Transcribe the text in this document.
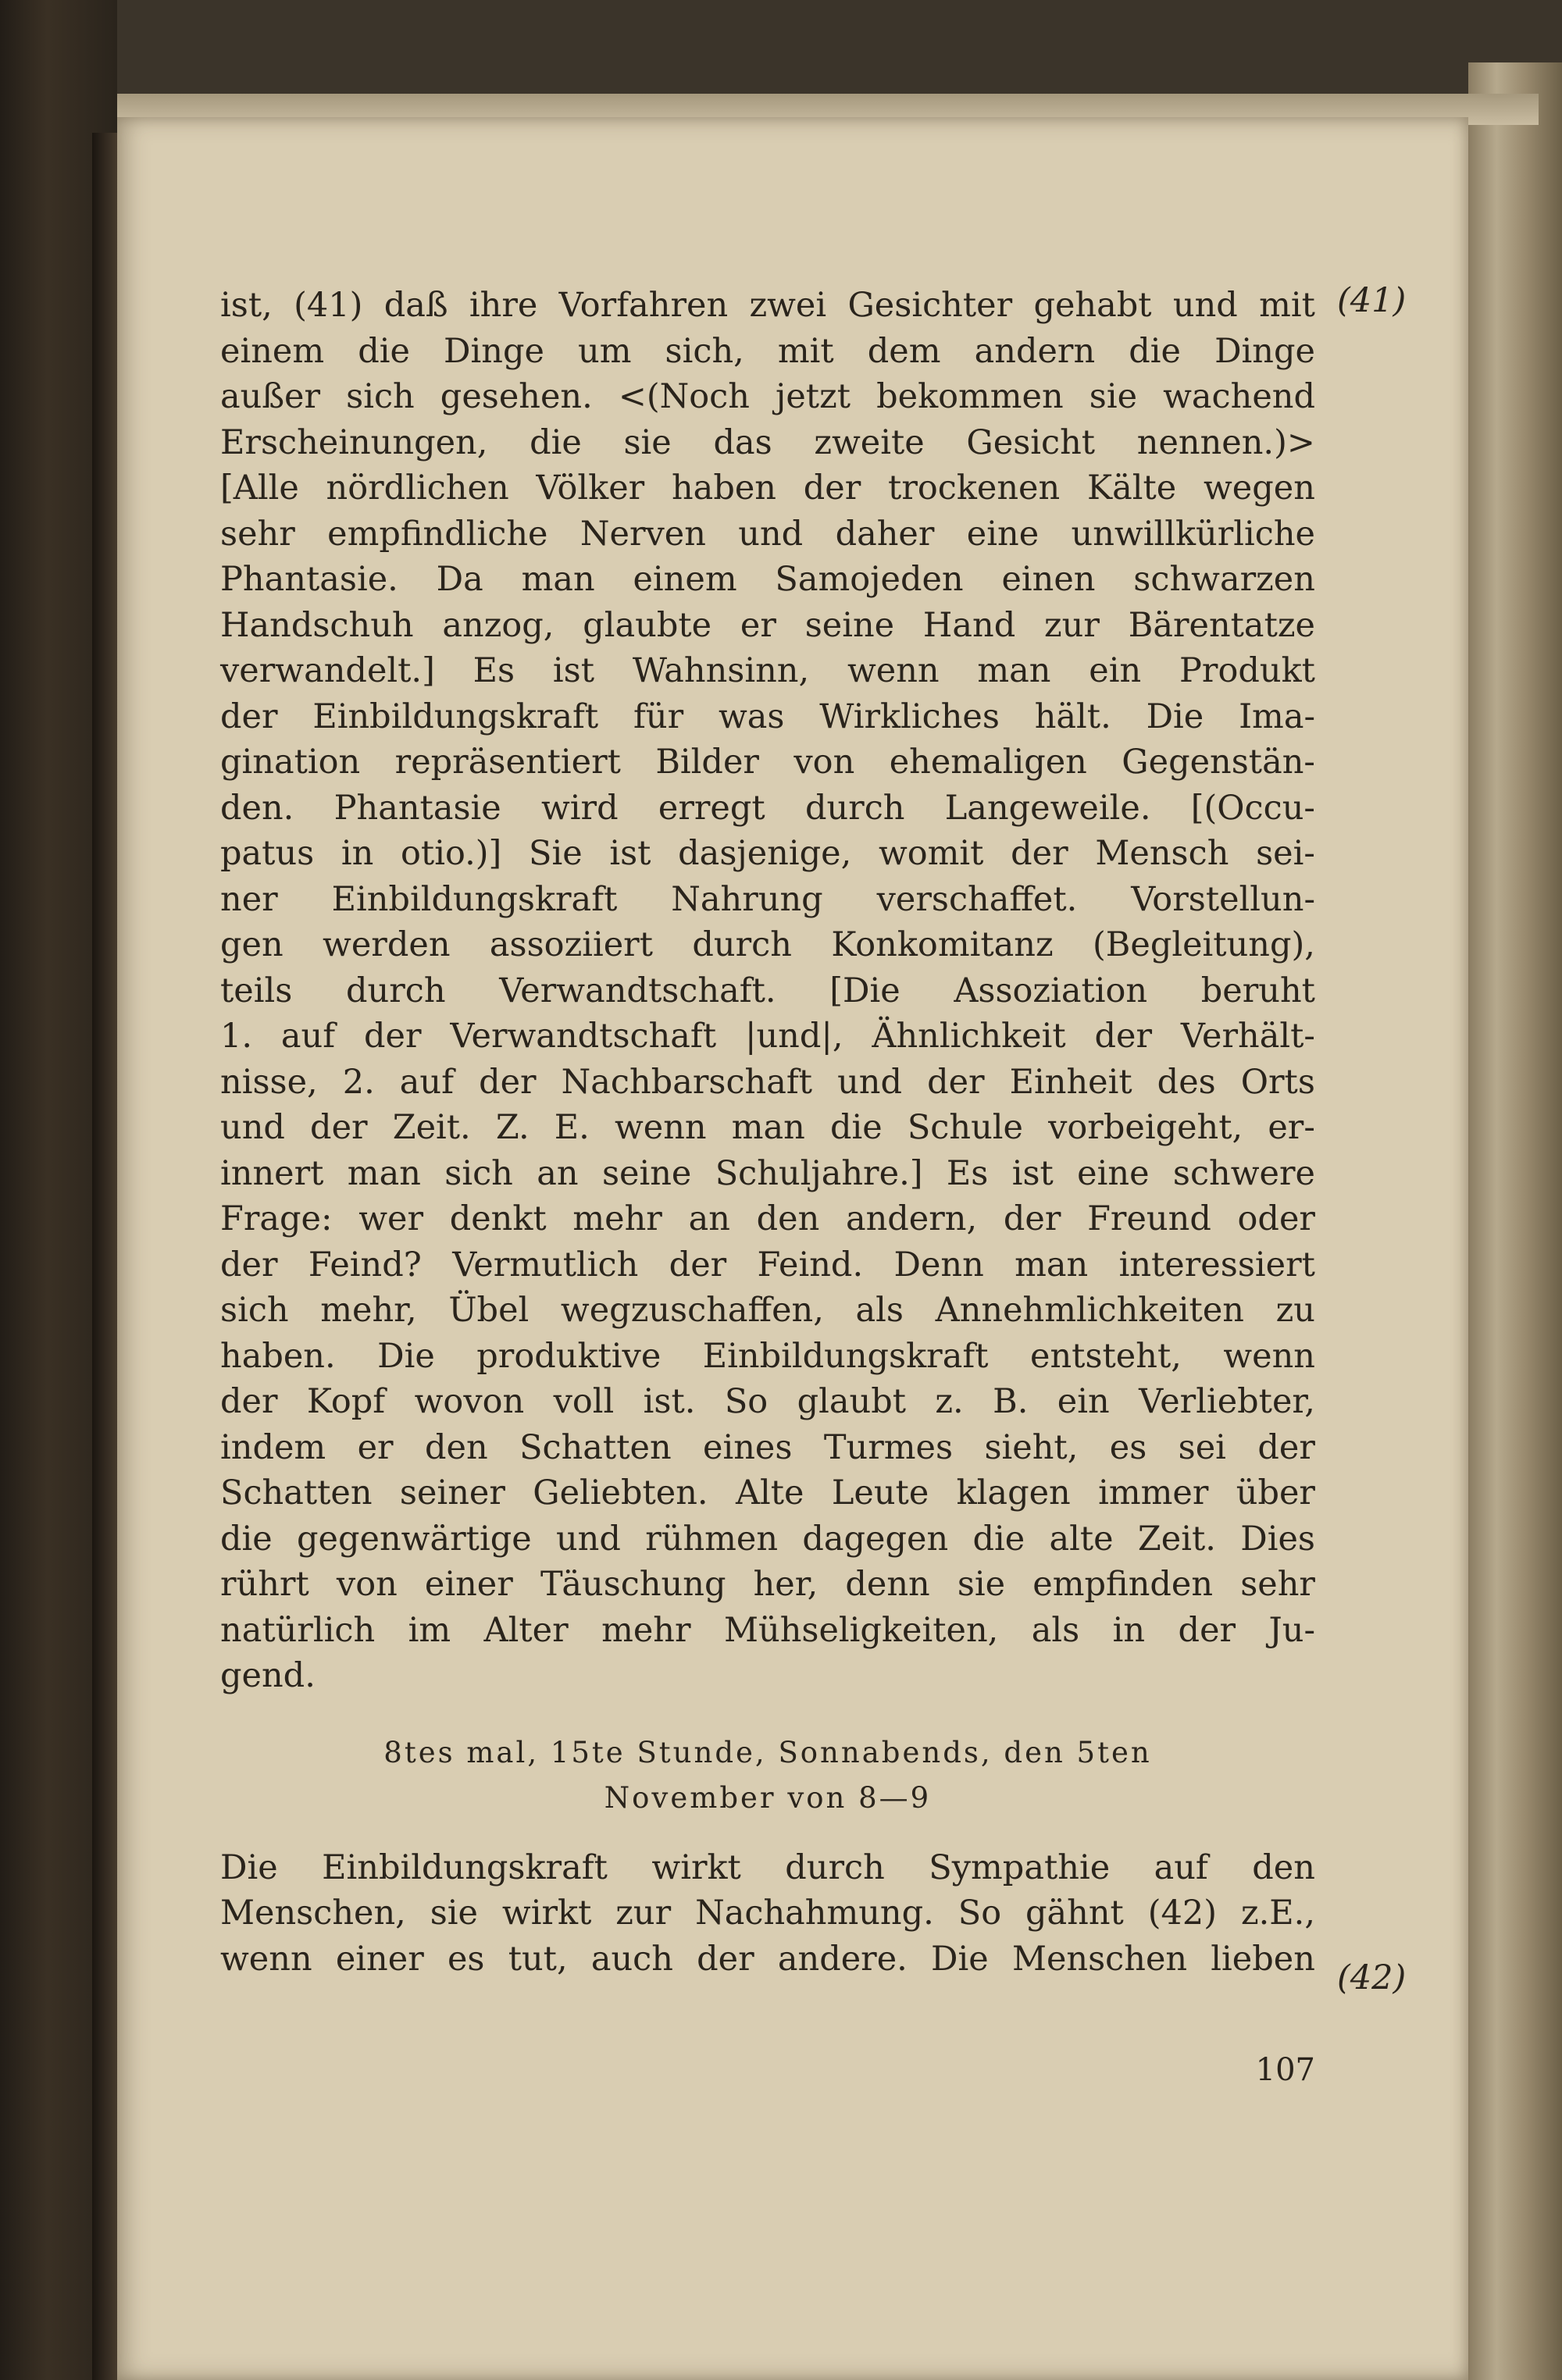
ist, (41) daß ihre Vorfahren zwei Gesichter gehabt und mit
einem die Dinge um sich, mit dem andern die Dinge
außer sich gesehen. <(Noch jetzt bekommen sie wachend
Erscheinungen, die sie das zweite Gesicht nennen.)>
[Alle nördlichen Völker haben der trockenen Kälte wegen
sehr empfindliche Nerven und daher eine unwillkürliche
Phantasie. Da man einem Samojeden einen schwarzen
Handschuh anzog, glaubte er seine Hand zur Bärentatze
verwandelt.] Es ist Wahnsinn, wenn man ein Produkt
der Einbildungskraft für was Wirkliches hält. Die Ima-
gination repräsentiert Bilder von ehemaligen Gegenstän-
den. Phantasie wird erregt durch Langeweile. [(Occu-
patus in otio.)] Sie ist dasjenige, womit der Mensch sei-
ner Einbildungskraft Nahrung verschaffet. Vorstellun-
gen werden assoziiert durch Konkomitanz (Begleitung),
teils durch Verwandtschaft. [Die Assoziation beruht
1. auf der Verwandtschaft |und|, Ähnlichkeit der Verhält-
nisse, 2. auf der Nachbarschaft und der Einheit des Orts
und der Zeit. Z. E. wenn man die Schule vorbeigeht, er-
innert man sich an seine Schuljahre.] Es ist eine schwere
Frage: wer denkt mehr an den andern, der Freund oder
der Feind? Vermutlich der Feind. Denn man interessiert
sich mehr, Übel wegzuschaffen, als Annehmlichkeiten zu
haben. Die produktive Einbildungskraft entsteht, wenn
der Kopf wovon voll ist. So glaubt z. B. ein Verliebter,
indem er den Schatten eines Turmes sieht, es sei der
Schatten seiner Geliebten. Alte Leute klagen immer über
die gegenwärtige und rühmen dagegen die alte Zeit. Dies
rührt von einer Täuschung her, denn sie empfinden sehr
natürlich im Alter mehr Mühseligkeiten, als in der Ju-
gend.
8tes mal, 15te Stunde, Sonnabends, den 5ten
November von 8—9
Die Einbildungskraft wirkt durch Sympathie auf den
Menschen, sie wirkt zur Nachahmung. So gähnt (42) z.E.,
wenn einer es tut, auch der andere. Die Menschen lieben
(41)
(42)
107
